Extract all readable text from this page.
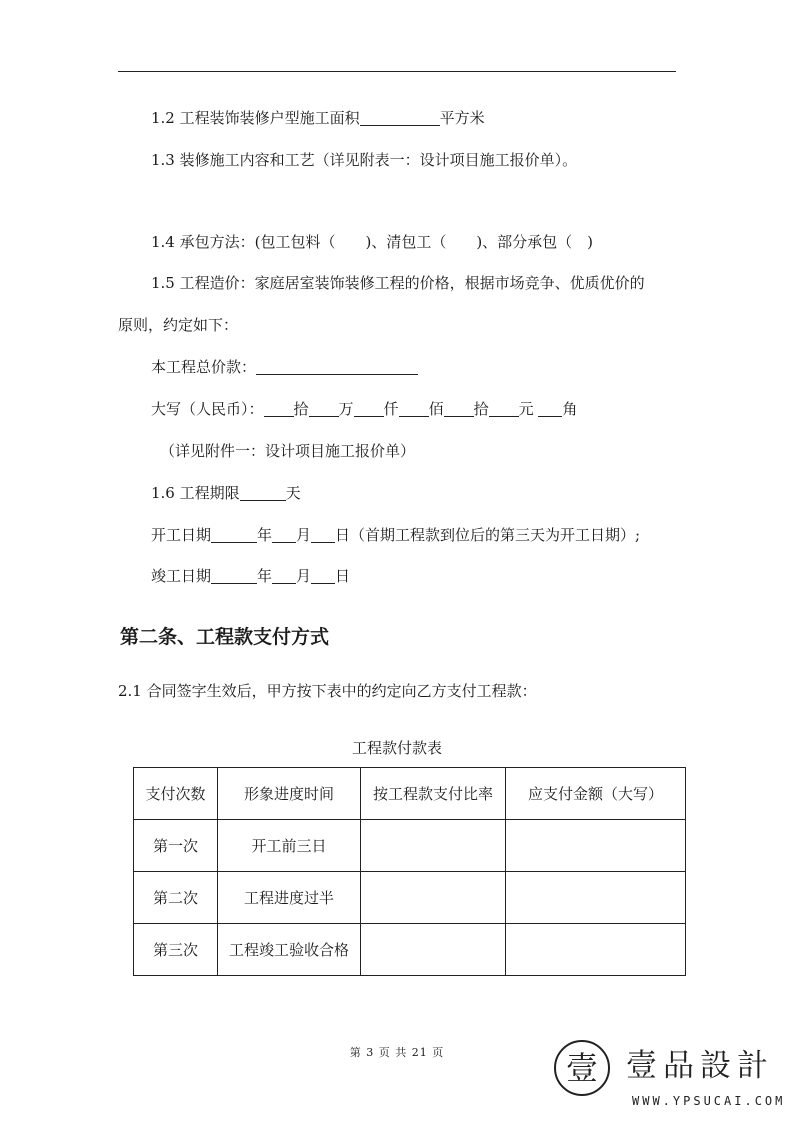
1.2 工程装饰装修户型施工面积	平方米
1.3 装修施工内容和工艺（详见附表一：设计项目施工报价单）。
1.4 承包方法：(包工包料（　　)、清包工（　　)、部分承包（　)
1.5 工程造价：家庭居室装饰装修工程的价格，根据市场竞争、优质优价的
原则，约定如下：
本工程总价款：
大写（人民币）： 拾 万 仟 佰 拾 元 角
（详见附件一：设计项目施工报价单）
1.6 工程期限	天
开工日期	年 月 日（首期工程款到位后的第三天为开工日期）;
竣工日期	年 月 日
第二条、工程款支付方式
2.1 合同签字生效后，甲方按下表中的约定向乙方支付工程款：
工程款付款表
支付次数	形象进度时间	按工程款支付比率	应支付金额（大写）
第一次	开工前三日		
第二次	工程进度过半		
第三次	工程竣工验收合格		
第 3 页 共 21 页	壹 壹品設計
WWW.YPSUCAI.COM
